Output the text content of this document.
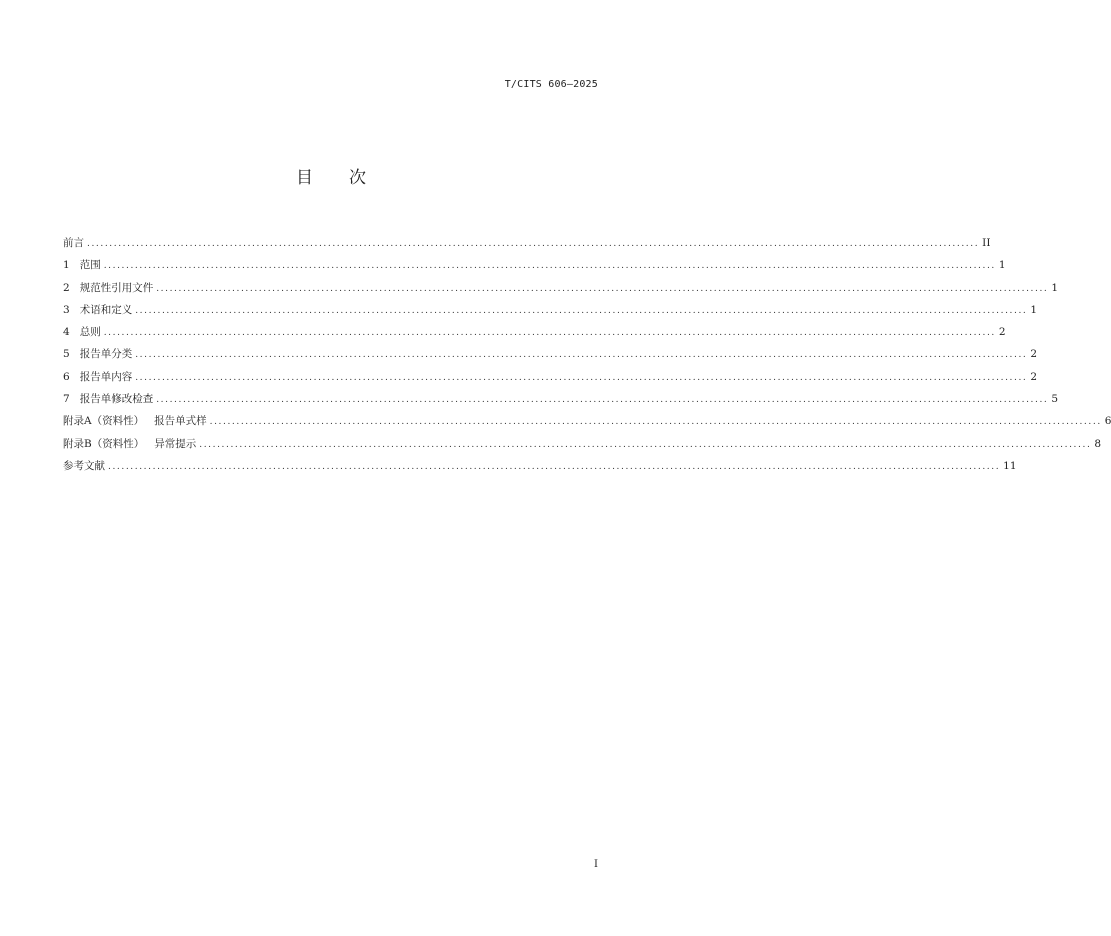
T/CITS 606—2025
目次
前言 ........................................................................................................................................................................................................ II
1   范围 ........................................................................................................................................................................................................ 1
2   规范性引用文件 ........................................................................................................................................................................................................ 1
3   术语和定义 ........................................................................................................................................................................................................ 1
4   总则 ........................................................................................................................................................................................................ 2
5   报告单分类 ........................................................................................................................................................................................................ 2
6   报告单内容 ........................................................................................................................................................................................................ 2
7   报告单修改检查 ........................................................................................................................................................................................................ 5
附录A（资料性）   报告单式样 ........................................................................................................................................................................................................ 6
附录B（资料性）   异常提示 ........................................................................................................................................................................................................ 8
参考文献 ........................................................................................................................................................................................................ 11
I
